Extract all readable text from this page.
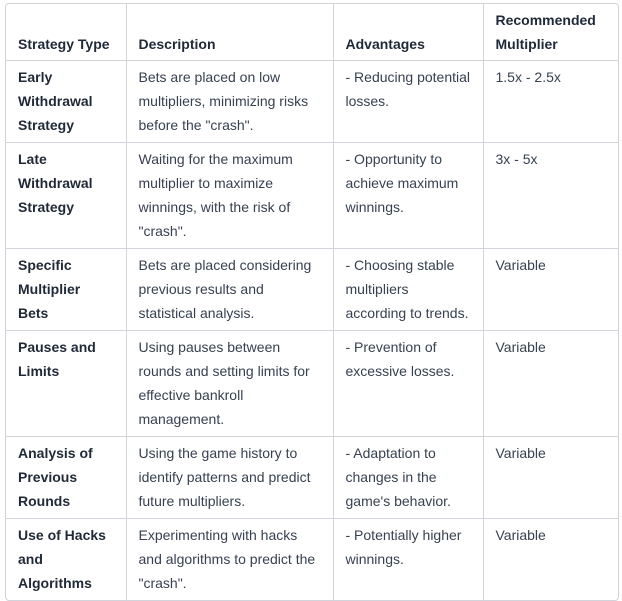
Strategy Type	Description	Advantages	Recommended Multiplier
Early Withdrawal Strategy	Bets are placed on low multipliers, minimizing risks before the "crash".	- Reducing potential losses.	1.5x - 2.5x
Late Withdrawal Strategy	Waiting for the maximum multiplier to maximize winnings, with the risk of "crash".	- Opportunity to achieve maximum winnings.	3x - 5x
Specific Multiplier Bets	Bets are placed considering previous results and statistical analysis.	- Choosing stable multipliers according to trends.	Variable
Pauses and Limits	Using pauses between rounds and setting limits for effective bankroll management.	- Prevention of excessive losses.	Variable
Analysis of Previous Rounds	Using the game history to identify patterns and predict future multipliers.	- Adaptation to changes in the game's behavior.	Variable
Use of Hacks and Algorithms	Experimenting with hacks and algorithms to predict the "crash".	- Potentially higher winnings.	Variable
